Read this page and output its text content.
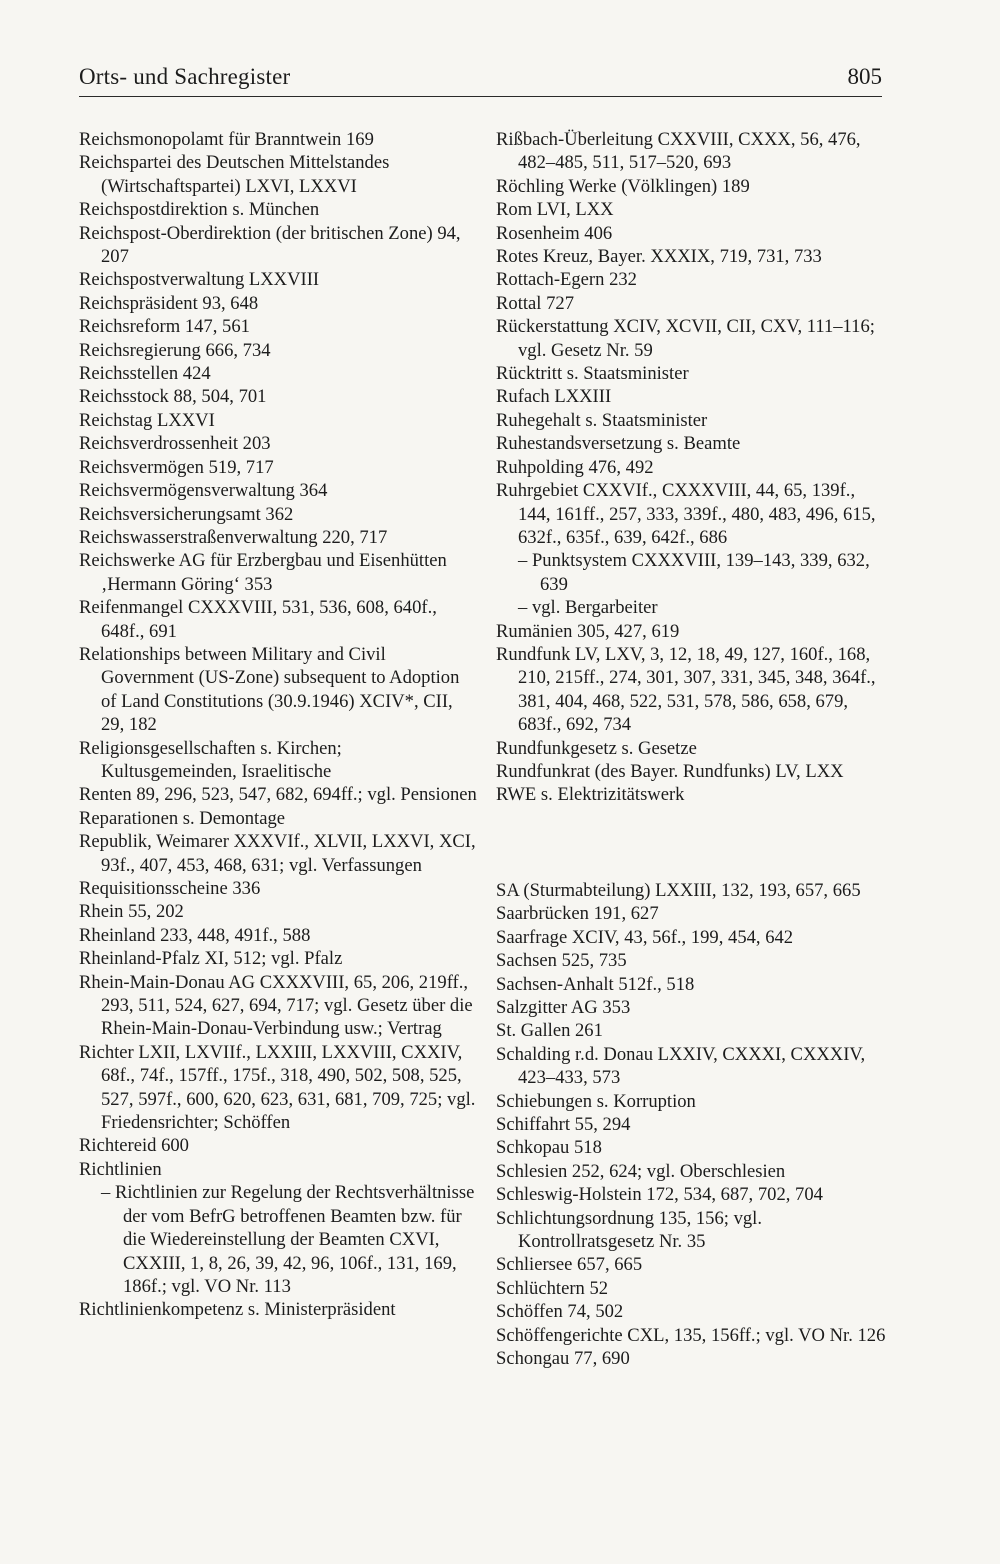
Orts- und Sachregister	805

Reichsmonopolamt für Branntwein 169

Reichspartei des Deutschen Mittelstandes (Wirtschaftspartei) LXVI, LXXVI

Reichspostdirektion s. München

Reichspost-Oberdirektion (der britischen Zone) 94, 207

Reichspostverwaltung LXXVIII

Reichspräsident 93, 648

Reichsreform 147, 561

Reichsregierung 666, 734

Reichsstellen 424

Reichsstock 88, 504, 701

Reichstag LXXVI

Reichsverdrossenheit 203

Reichsvermögen 519, 717

Reichsvermögensverwaltung 364

Reichsversicherungsamt 362

Reichswasserstraßenverwaltung 220, 717

Reichswerke AG für Erzbergbau und Eisenhütten ‚Hermann Göring‘ 353

Reifenmangel CXXXVIII, 531, 536, 608, 640f., 648f., 691

Relationships between Military and Civil Government (US-Zone) subsequent to Adoption of Land Constitutions (30.9.1946) XCIV*, CII, 29, 182

Religionsgesellschaften s. Kirchen; Kultusgemeinden, Israelitische

Renten 89, 296, 523, 547, 682, 694ff.; vgl. Pensionen

Reparationen s. Demontage

Republik, Weimarer XXXVIf., XLVII, LXXVI, XCI, 93f., 407, 453, 468, 631; vgl. Verfassungen

Requisitionsscheine 336

Rhein 55, 202

Rheinland 233, 448, 491f., 588

Rheinland-Pfalz XI, 512; vgl. Pfalz

Rhein-Main-Donau AG CXXXVIII, 65, 206, 219ff., 293, 511, 524, 627, 694, 717; vgl. Gesetz über die Rhein-Main-Donau-Verbindung usw.; Vertrag

Richter LXII, LXVIIf., LXXIII, LXXVIII, CXXIV, 68f., 74f., 157ff., 175f., 318, 490, 502, 508, 525, 527, 597f., 600, 620, 623, 631, 681, 709, 725; vgl. Friedensrichter; Schöffen

Richtereid 600

Richtlinien

– Richtlinien zur Regelung der Rechtsverhältnisse der vom BefrG betroffenen Beamten bzw. für die Wiedereinstellung der Beamten CXVI, CXXIII, 1, 8, 26, 39, 42, 96, 106f., 131, 169, 186f.; vgl. VO Nr. 113

Richtlinienkompetenz s. Ministerpräsident

Rißbach-Überleitung CXXVIII, CXXX, 56, 476, 482–485, 511, 517–520, 693

Röchling Werke (Völklingen) 189

Rom LVI, LXX

Rosenheim 406

Rotes Kreuz, Bayer. XXXIX, 719, 731, 733

Rottach-Egern 232

Rottal 727

Rückerstattung XCIV, XCVII, CII, CXV, 111–116; vgl. Gesetz Nr. 59

Rücktritt s. Staatsminister

Rufach LXXIII

Ruhegehalt s. Staatsminister

Ruhestandsversetzung s. Beamte

Ruhpolding 476, 492

Ruhrgebiet CXXVIf., CXXXVIII, 44, 65, 139f., 144, 161ff., 257, 333, 339f., 480, 483, 496, 615, 632f., 635f., 639, 642f., 686

– Punktsystem CXXXVIII, 139–143, 339, 632, 639

– vgl. Bergarbeiter

Rumänien 305, 427, 619

Rundfunk LV, LXV, 3, 12, 18, 49, 127, 160f., 168, 210, 215ff., 274, 301, 307, 331, 345, 348, 364f., 381, 404, 468, 522, 531, 578, 586, 658, 679, 683f., 692, 734

Rundfunkgesetz s. Gesetze

Rundfunkrat (des Bayer. Rundfunks) LV, LXX

RWE s. Elektrizitätswerk

SA (Sturmabteilung) LXXIII, 132, 193, 657, 665

Saarbrücken 191, 627

Saarfrage XCIV, 43, 56f., 199, 454, 642

Sachsen 525, 735

Sachsen-Anhalt 512f., 518

Salzgitter AG 353

St. Gallen 261

Schalding r.d. Donau LXXIV, CXXXI, CXXXIV, 423–433, 573

Schiebungen s. Korruption

Schiffahrt 55, 294

Schkopau 518

Schlesien 252, 624; vgl. Oberschlesien

Schleswig-Holstein 172, 534, 687, 702, 704

Schlichtungsordnung 135, 156; vgl. Kontrollratsgesetz Nr. 35

Schliersee 657, 665

Schlüchtern 52

Schöffen 74, 502

Schöffengerichte CXL, 135, 156ff.; vgl. VO Nr. 126

Schongau 77, 690
